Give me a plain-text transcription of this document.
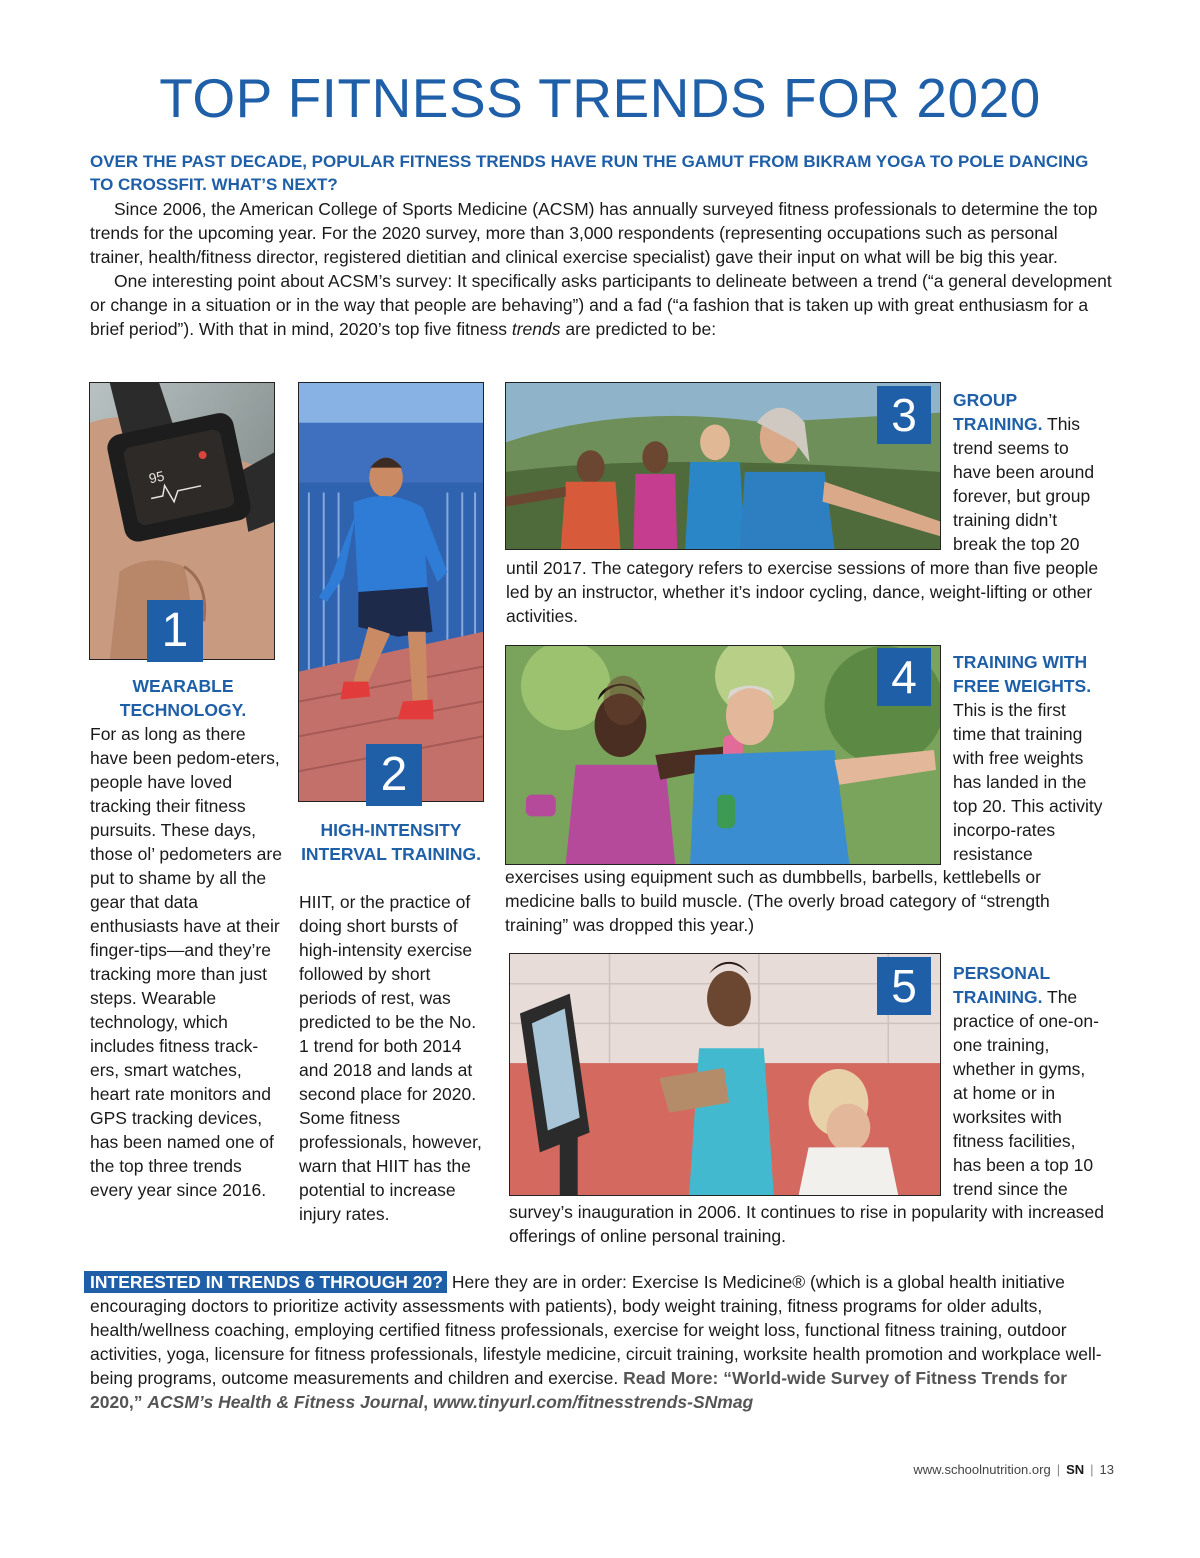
TOP FITNESS TRENDS FOR 2020
OVER THE PAST DECADE, POPULAR FITNESS TRENDS HAVE RUN THE GAMUT FROM BIKRAM YOGA TO POLE DANCING TO CROSSFIT. WHAT’S NEXT?

Since 2006, the American College of Sports Medicine (ACSM) has annually surveyed fitness professionals to determine the top trends for the upcoming year. For the 2020 survey, more than 3,000 respondents (representing occupations such as personal trainer, health/fitness director, registered dietitian and clinical exercise specialist) gave their input on what will be big this year.

One interesting point about ACSM’s survey: It specifically asks participants to delineate between a trend (“a general development or change in a situation or in the way that people are behaving”) and a fad (“a fashion that is taken up with great enthusiasm for a brief period”). With that in mind, 2020’s top five fitness trends are predicted to be:

95
1
WEARABLE TECHNOLOGY.
For as long as there have been pedom-eters, people have loved tracking their fitness pursuits. These days, those ol’ pedometers are put to shame by all the gear that data enthusiasts have at their finger-tips—and they’re tracking more than just steps. Wearable technology, which includes fitness track-ers, smart watches, heart rate monitors and GPS tracking devices, has been named one of the top three trends every year since 2016.
2
HIGH-INTENSITY INTERVAL TRAINING.
HIIT, or the practice of doing short bursts of high-intensity exercise followed by short periods of rest, was predicted to be the No. 1 trend for both 2014 and 2018 and lands at second place for 2020. Some fitness professionals, however, warn that HIIT has the potential to increase injury rates.
3	GROUP TRAINING. This trend seems to have been around forever, but group training didn’t break the top 20
until 2017. The category refers to exercise sessions of more than five people led by an instructor, whether it’s indoor cycling, dance, weight-lifting or other activities.
4	TRAINING WITH FREE WEIGHTS. This is the first time that training with free weights has landed in the top 20. This activity incorpo-rates resistance
exercises using equipment such as dumbbells, barbells, kettlebells or medicine balls to build muscle. (The overly broad category of “strength training” was dropped this year.)
5	PERSONAL TRAINING. The practice of one-on-one training, whether in gyms, at home or in worksites with fitness facilities, has been a top 10 trend since the
survey’s inauguration in 2006. It continues to rise in popularity with increased offerings of online personal training.
INTERESTED IN TRENDS 6 THROUGH 20? Here they are in order: Exercise Is Medicine® (which is a global health initiative encouraging doctors to prioritize activity assessments with patients), body weight training, fitness programs for older adults, health/wellness coaching, employing certified fitness professionals, exercise for weight loss, functional fitness training, outdoor activities, yoga, licensure for fitness professionals, lifestyle medicine, circuit training, worksite health promotion and workplace well-being programs, outcome measurements and children and exercise. Read More: “World-wide Survey of Fitness Trends for 2020,” ACSM’s Health & Fitness Journal, www.tinyurl.com/fitnesstrends-SNmag
www.schoolnutrition.org | SN | 13
